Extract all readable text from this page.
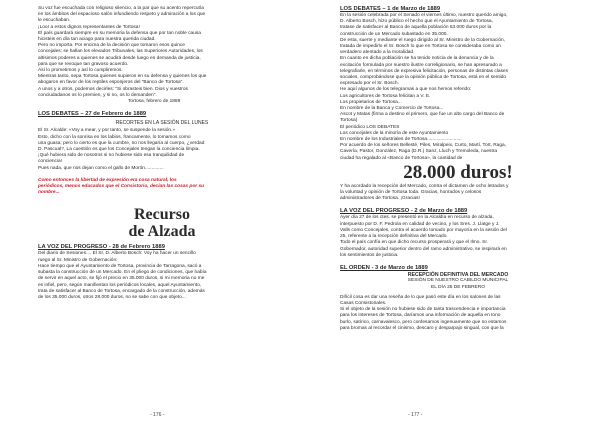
Su voz fue escuchada con religioso silencio, a la par que su acento repercutía

en los ámbitos del espacioso salón infundiendo respeto y admiración a los que

le escuchaban.

¡Loor a estos dignos representantes de Tortosa!

El país guardará siempre en su memoria la defensa que por tan noble causa

hicisteis en día tan aciago para nuestra querida ciudad.

Pero no importa. Por encima de la decisión que tomaron esos quince

concejales; se hallan los elevados Tribunales, las Superiores Autoridades, los

altísimos poderes a quienes se acudirá desde luego en demanda de justicia,

para que se revoque tan gravoso acuerdo.

Así lo prometimos y así lo cumpliremos.

Mientras tanto, sepa Tortosa quienes supieron en su defensa y quienes los que

abogaron en favor de los reptiles esponjeros del "Banco de Tortosa".

A unos y a otros, podemos decirles: "Si obrasteis bien. Dios y vuestros

conciudadanos os lo premien, y si no, os lo demanden".

Tortosa, febrero de 1889

LOS DEBATES – 27 de Febrero de 1889

RECORTES EN LA SESIÓN DEL LUNES

El Sr. Alcalde: «Voy a mear, y por tanto, se suspende la sesión.»

Esto, dicho con la sonrisa en los labios, francamente, lo tomamos como

una guasa; pero lo cierto es que la cumbre, no nos llegaría al cuerpo, ¿verdad

D. Pascual?, La cuestión es que los Concejales tengan la conciencia limpia.

¡Qué hubiera sido de nosotros si no hubiese sido esa tranquilidad de

conciencia!

Pues nada, que nos dejan como el gallo de Morón..............

Como entonces la libertad de expresión era cosa natural, los

periódicos, menos educados que el Consistorio, decían las cosas por su

nombre...

Recurso

de Alzada

LA VOZ DEL PROGRESO - 28 de Febrero 1889

Del diario de Sesiones.... El Sr. D. Alberto Bosch: Voy ha hacer un sencillo

ruego al Sr. Ministro de Gobernación:

Hace tiempo que el Ayuntamiento de Tortosa, provincia de Tarragona, sacó a

subasta la construcción de un Mercado. En el pliego de condiciones, que había

de servir en aquel acto, se fijó el precio en 35.000 duros, si mi memoria no me

es infiel, pero, según manifiestan los periódicos locales, aquel Ayuntamiento,

trata de satisfacer al Banco de Tortosa, encargado de la construcción, además

de los 35.000 duros, otros 28.000 duros, no se sabe con que objeto...

- 176 -

LOS DEBATES – 1 de Marzo de 1889

En la sesión celebrada por el Senado el viernes último, nuestro querido amigo,

D. Alberto Bosch, hizo público el hecho que el Ayuntamiento de Tortosa,

tratase de satisfacer al Banco de aquella población 63.000 duros por la

construcción de un Mercado subastado en 35.000.

De esta, suerte y mediante el ruego dirigido al Sr. Ministro de la Gobernación,

tratada de impedirlo el Sr. Bosch lo que en Tortosa se consideraba como un

verdadero atentado a la moralidad.

En cuanto en dicha población se ha tenido noticia de la denuncia y de la

excitación formulada por nuestro ilustre correligionario, se han apresurado a

telegrafiarle, en términos de expresiva felicitación, personas de distintas clases

sociales, comprobándose que la opinión pública de Tortosa, está en el sentido

expresado por el Sr. Bosch.

He aquí algunos de los telegramas a que nos hemos referido:

Los agricultores de Tortosa felicitan a V. E.

Los propietarios de Tortosa...

En nombre de la Banca y Comercio de Tortosa...

Ascot y Matas (firma a destino el primero, que fue un alto cargo del Banco de

Tortosa)

El periódico LOS DEBATES

Los concejales de la minoría de este Ayuntamiento

En nombre de los Industriales de Tortosa..........................

Por acuerdo de los señores Bellesté, Piles, Miralpeix, Curto, Martí, Tort, Raga,

Cavería, Pastor, González, Raga (D.R.) Sanz, Lluch y Tremoleda, nuestra

ciudad ha regalado al «Banco de Tortosa», la cantidad de

28.000 duros!

Y ha acordado la recepción del Mercado, contra el dictamen de ocho letrados y

la voluntad y opinión de Tortosa toda. Gracias, honrados y celosos

administradores de Tortosa. ¡Gracias!

LA VOZ DEL PROGRESO - 2 de Marzo de 1889

Ayer día 27 de los ctes. se presentó en la Alcaldía en recurso de alzada,

interpuesto por D. F. Pedrola en calidad de vecino, y los Sres. J. Llatge y J.

Valls como Concejales, contra el acuerdo tomado por mayoría en la sesión del

25, referente a la recepción definitiva del Mercado.

Todo el país confía en que dicho recurso prosperará y que el Ilmo. Sr.

Gobernador, autoridad superior dentro del ramo administrativo, se inspirará en

los sentimientos de justicia.

EL ORDEN - 3 de Marzo de 1889

RECEPCIÓN DEFINITIVA DEL MERCADO

SESIÓN DE NUESTRO CABILDO MUNICIPAL

EL DÍA 25 DE FEBRERO

Difícil cosa es dar una reseña de lo que pasó este día en los salones de las

Casas Consistoriales.

Si el objeto de la sesión no hubiese sido de tanta trascendencia e importancia

para los intereses de Tortosa, daríamos una información de aquella en tono

burlo, satírico, carnavalesco, pero confesamos ingenuamente que no estamos

para bromas al recordar el cinismo, descaro y desparpajo singual, con que la

- 177 -
